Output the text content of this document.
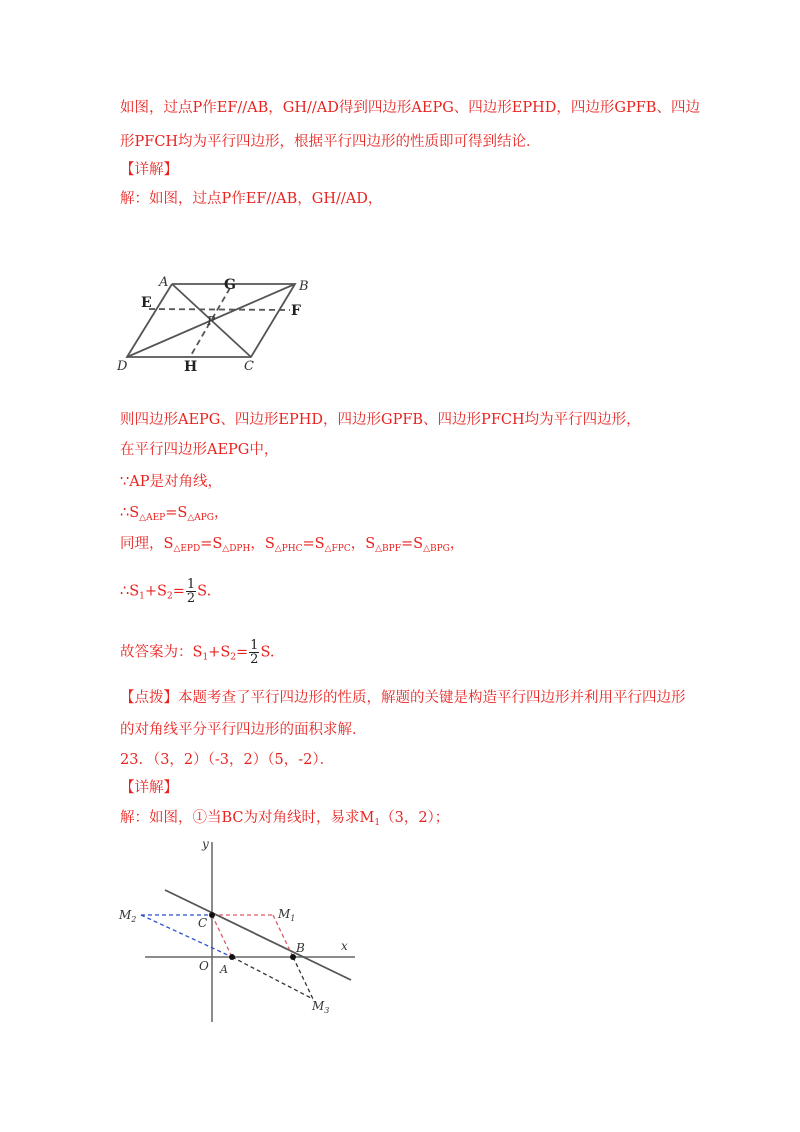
如图，过点P作EF//AB，GH//AD得到四边形AEPG、四边形EPHD，四边形GPFB、四边
形PFCH均为平行四边形，根据平行四边形的性质即可得到结论．
【详解】
解：如图，过点P作EF//AB，GH//AD，
A	B
C
D
E	F
G
H
P
则四边形AEPG、四边形EPHD，四边形GPFB、四边形PFCH均为平行四边形，
在平行四边形AEPG中，
∵AP是对角线，
$\therefore S_{\triangle AEP}=S_{\triangle APG}$，
同理，$S_{\triangle EPD}=S_{\triangle DPH}$，$S_{\triangle PHC}=S_{\triangle FPC}$，$S_{\triangle BPF}=S_{\triangle BPG}$，
$\therefore S_1+S_2= \frac{1}{2} S$.
故答案为：$S_1+S_2= \frac{1}{2} S$.
【点拨】本题考查了平行四边形的性质，解题的关键是构造平行四边形并利用平行四边形
的对角线平分平行四边形的面积求解．
23．（3，2）（-3，2）（5，-2）．
【详解】
解：如图，①当BC为对角线时，易求$M_1(3$，2）；
x
y
O A
B
C
$M_1$
$M_2$
$M_3$
